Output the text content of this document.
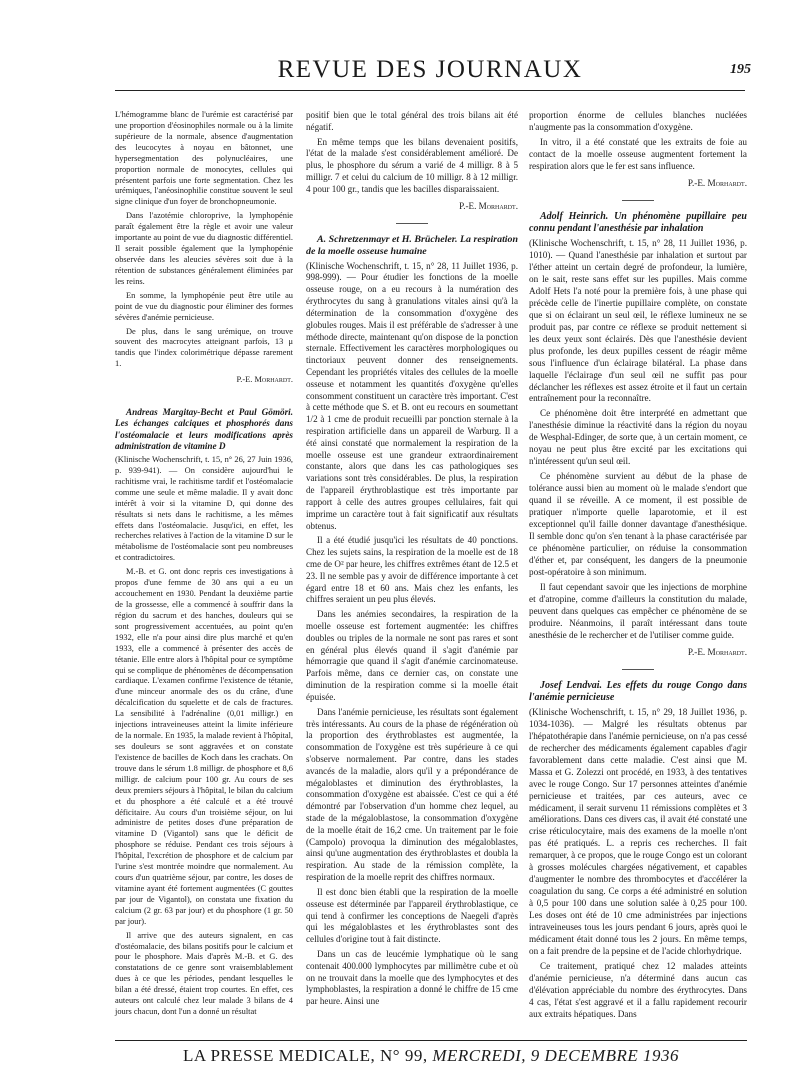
REVUE DES JOURNAUX	195

L'hémogramme blanc de l'urémie est caractérisé par une proportion d'éosinophiles normale ou à la limite supérieure de la normale, absence d'augmentation des leucocytes à noyau en bâtonnet, une hypersegmentation des polynucléaires, une proportion normale de monocytes, cellules qui présentent parfois une forte segmentation. Chez les urémiques, l'anéosinophilie constitue souvent le seul signe clinique d'un foyer de bronchopneumonie.

Dans l'azotémie chloroprive, la lymphopénie paraît également être la règle et avoir une valeur importante au point de vue du diagnostic différentiel. Il serait possible également que la lymphopénie observée dans les aleucies sévères soit due à la rétention de substances généralement éliminées par les reins.

En somme, la lymphopénie peut être utile au point de vue du diagnostic pour éliminer des formes sévères d'anémie pernicieuse.

De plus, dans le sang urémique, on trouve souvent des macrocytes atteignant parfois, 13 μ tandis que l'index colorimétrique dépasse rarement 1.

P.-E. Morhardt.

Andreas Margitay-Becht et Paul Gömöri. Les échanges calciques et phosphorés dans l'ostéomalacie et leurs modifications après administration de vitamine D

(Klinische Wochenschrift, t. 15, n° 26, 27 Juin 1936, p. 939-941). — On considère aujourd'hui le rachitisme vrai, le rachitisme tardif et l'ostéomalacie comme une seule et même maladie. Il y avait donc intérêt à voir si la vitamine D, qui donne des résultats si nets dans le rachitisme, a les mêmes effets dans l'ostéomalacie. Jusqu'ici, en effet, les recherches relatives à l'action de la vitamine D sur le métabolisme de l'ostéomalacie sont peu nombreuses et contradictoires.

M.-B. et G. ont donc repris ces investigations à propos d'une femme de 30 ans qui a eu un accouchement en 1930. Pendant la deuxième partie de la grossesse, elle a commencé à souffrir dans la région du sacrum et des hanches, douleurs qui se sont progressivement accentuées, au point qu'en 1932, elle n'a pour ainsi dire plus marché et qu'en 1933, elle a commencé à présenter des accès de tétanie. Elle entre alors à l'hôpital pour ce symptôme qui se complique de phénomènes de décompensation cardiaque. L'examen confirme l'existence de tétanie, d'une minceur anormale des os du crâne, d'une décalcification du squelette et de cals de fractures. La sensibilité à l'adrénaline (0,01 milligr.) en injections intraveineuses atteint la limite inférieure de la normale. En 1935, la malade revient à l'hôpital, ses douleurs se sont aggravées et on constate l'existence de bacilles de Koch dans les crachats. On trouve dans le sérum 1.8 milligr. de phosphore et 8,6 milligr. de calcium pour 100 gr. Au cours de ses deux premiers séjours à l'hôpital, le bilan du calcium et du phosphore a été calculé et a été trouvé déficitaire. Au cours d'un troisième séjour, on lui administre de petites doses d'une préparation de vitamine D (Vigantol) sans que le déficit de phosphore se réduise. Pendant ces trois séjours à l'hôpital, l'excrétion de phosphore et de calcium par l'urine s'est montrée moindre que normalement. Au cours d'un quatrième séjour, par contre, les doses de vitamine ayant été fortement augmentées (C gouttes par jour de Vigantol), on constata une fixation du calcium (2 gr. 63 par jour) et du phosphore (1 gr. 50 par jour).

Il arrive que des auteurs signalent, en cas d'ostéomalacie, des bilans positifs pour le calcium et pour le phosphore. Mais d'après M.-B. et G. des constatations de ce genre sont vraisemblablement dues à ce que les périodes, pendant lesquelles le bilan a été dressé, étaient trop courtes. En effet, ces auteurs ont calculé chez leur malade 3 bilans de 4 jours chacun, dont l'un a donné un résultat

positif bien que le total général des trois bilans ait été négatif.

En même temps que les bilans devenaient positifs, l'état de la malade s'est considérablement amélioré. De plus, le phosphore du sérum a varié de 4 milligr. 8 à 5 milligr. 7 et celui du calcium de 10 milligr. 8 à 12 milligr. 4 pour 100 gr., tandis que les bacilles disparaissaient.

P.-E. Morhardt.

A. Schretzenmayr et H. Brücheler. La respiration de la moelle osseuse humaine

(Klinische Wochenschrift, t. 15, n° 28, 11 Juillet 1936, p. 998-999). — Pour étudier les fonctions de la moelle osseuse rouge, on a eu recours à la numération des érythrocytes du sang à granulations vitales ainsi qu'à la détermination de la consommation d'oxygène des globules rouges. Mais il est préférable de s'adresser à une méthode directe, maintenant qu'on dispose de la ponction sternale. Effectivement les caractères morphologiques ou tinctoriaux peuvent donner des renseignements. Cependant les propriétés vitales des cellules de la moelle osseuse et notamment les quantités d'oxygène qu'elles consomment constituent un caractère très important. C'est à cette méthode que S. et B. ont eu recours en soumettant 1/2 à 1 cme de produit recueilli par ponction sternale à la respiration artificielle dans un appareil de Warburg. Il a été ainsi constaté que normalement la respiration de la moelle osseuse est une grandeur extraordinairement constante, alors que dans les cas pathologiques ses variations sont très considérables. De plus, la respiration de l'appareil érythroblastique est très importante par rapport à celle des autres groupes cellulaires, fait qui imprime un caractère tout à fait significatif aux résultats obtenus.

Il a été étudié jusqu'ici les résultats de 40 ponctions. Chez les sujets sains, la respiration de la moelle est de 18 cme de O² par heure, les chiffres extrêmes étant de 12.5 et 23. Il ne semble pas y avoir de différence importante à cet égard entre 18 et 60 ans. Mais chez les enfants, les chiffres seraient un peu plus élevés.

Dans les anémies secondaires, la respiration de la moelle osseuse est fortement augmentée: les chiffres doubles ou triples de la normale ne sont pas rares et sont en général plus élevés quand il s'agit d'anémie par hémorragie que quand il s'agit d'anémie carcinomateuse. Parfois même, dans ce dernier cas, on constate une diminution de la respiration comme si la moelle était épuisée.

Dans l'anémie pernicieuse, les résultats sont également très intéressants. Au cours de la phase de régénération où la proportion des érythroblastes est augmentée, la consommation de l'oxygène est très supérieure à ce qui s'observe normalement. Par contre, dans les stades avancés de la maladie, alors qu'il y a prépondérance de mégaloblastes et diminution des érythroblastes, la consommation d'oxygène est abaissée. C'est ce qui a été démontré par l'observation d'un homme chez lequel, au stade de la mégaloblastose, la consommation d'oxygène de la moelle était de 16,2 cme. Un traitement par le foie (Campolo) provoqua la diminution des mégaloblastes, ainsi qu'une augmentation des érythroblastes et doubla la respiration. Au stade de la rémission complète, la respiration de la moelle reprit des chiffres normaux.

Il est donc bien établi que la respiration de la moelle osseuse est déterminée par l'appareil érythroblastique, ce qui tend à confirmer les conceptions de Naegeli d'après qui les mégaloblastes et les érythroblastes sont des cellules d'origine tout à fait distincte.

Dans un cas de leucémie lymphatique où le sang contenait 400.000 lymphocytes par millimètre cube et où on ne trouvait dans la moelle que des lymphocytes et des lymphoblastes, la respiration a donné le chiffre de 15 cme par heure. Ainsi une

proportion énorme de cellules blanches nucléées n'augmente pas la consommation d'oxygène.

In vitro, il a été constaté que les extraits de foie au contact de la moelle osseuse augmentent fortement la respiration alors que le fer est sans influence.

P.-E. Morhardt.

Adolf Heinrich. Un phénomène pupillaire peu connu pendant l'anesthésie par inhalation

(Klinische Wochenschrift, t. 15, n° 28, 11 Juillet 1936, p. 1010). — Quand l'anesthésie par inhalation et surtout par l'éther atteint un certain degré de profondeur, la lumière, on le sait, reste sans effet sur les pupilles. Mais comme Adolf Hets l'a noté pour la première fois, à une phase qui précède celle de l'inertie pupillaire complète, on constate que si on éclairant un seul œil, le réflexe lumineux ne se produit pas, par contre ce réflexe se produit nettement si les deux yeux sont éclairés. Dès que l'anesthésie devient plus profonde, les deux pupilles cessent de réagir même sous l'influence d'un éclairage bilatéral. La phase dans laquelle l'éclairage d'un seul œil ne suffit pas pour déclancher les réflexes est assez étroite et il faut un certain entraînement pour la reconnaître.

Ce phénomène doit être interprété en admettant que l'anesthésie diminue la réactivité dans la région du noyau de Wesphal-Edinger, de sorte que, à un certain moment, ce noyau ne peut plus être excité par les excitations qui n'intéressent qu'un seul œil.

Ce phénomène survient au début de la phase de tolérance aussi bien au moment où le malade s'endort que quand il se réveille. A ce moment, il est possible de pratiquer n'importe quelle laparotomie, et il est exceptionnel qu'il faille donner davantage d'anesthésique. Il semble donc qu'on s'en tenant à la phase caractérisée par ce phénomène particulier, on réduise la consommation d'éther et, par conséquent, les dangers de la pneumonie post-opératoire à son minimum.

Il faut cependant savoir que les injections de morphine et d'atropine, comme d'ailleurs la constitution du malade, peuvent dans quelques cas empêcher ce phénomène de se produire. Néanmoins, il paraît intéressant dans toute anesthésie de le rechercher et de l'utiliser comme guide.

P.-E. Morhardt.

Josef Lendvai. Les effets du rouge Congo dans l'anémie pernicieuse

(Klinische Wochenschrift, t. 15, n° 29, 18 Juillet 1936, p. 1034-1036). — Malgré les résultats obtenus par l'hépatothérapie dans l'anémie pernicieuse, on n'a pas cessé de rechercher des médicaments également capables d'agir favorablement dans cette maladie. C'est ainsi que M. Massa et G. Zolezzi ont procédé, en 1933, à des tentatives avec le rouge Congo. Sur 17 personnes atteintes d'anémie pernicieuse et traitées, par ces auteurs, avec ce médicament, il serait survenu 11 rémissions complètes et 3 améliorations. Dans ces divers cas, il avait été constaté une crise réticulocytaire, mais des examens de la moelle n'ont pas été pratiqués. L. a repris ces recherches. Il fait remarquer, à ce propos, que le rouge Congo est un colorant à grosses molécules chargées négativement, et capables d'augmenter le nombre des thrombocytes et d'accélérer la coagulation du sang. Ce corps a été administré en solution à 0,5 pour 100 dans une solution salée à 0,25 pour 100. Les doses ont été de 10 cme administrées par injections intraveineuses tous les jours pendant 6 jours, après quoi le médicament était donné tous les 2 jours. En même temps, on a fait prendre de la pepsine et de l'acide chlorhydrique.

Ce traitement, pratiqué chez 12 malades atteints d'anémie pernicieuse, n'a déterminé dans aucun cas d'élévation appréciable du nombre des érythrocytes. Dans 4 cas, l'état s'est aggravé et il a fallu rapidement recourir aux extraits hépatiques. Dans

LA PRESSE MEDICALE, N° 99, MERCREDI, 9 DECEMBRE 1936
